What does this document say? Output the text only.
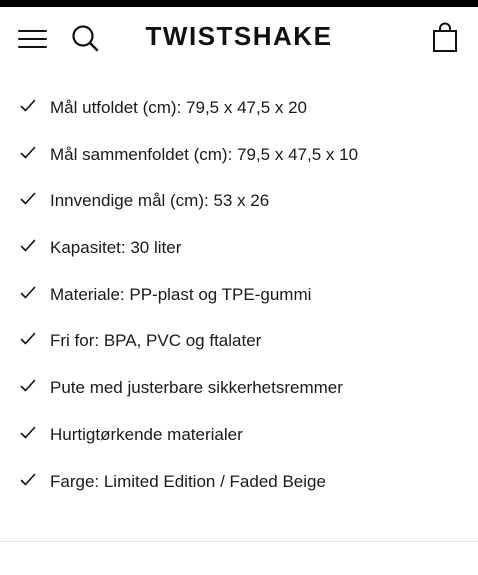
TWISTSHAKE
Mål utfoldet (cm): 79,5 x 47,5 x 20
Mål sammenfoldet (cm): 79,5 x 47,5 x 10
Innvendige mål (cm): 53 x 26
Kapasitet: 30 liter
Materiale: PP-plast og TPE-gummi
Fri for: BPA, PVC og ftalater
Pute med justerbare sikkerhetsremmer
Hurtigtørkende materialer
Farge: Limited Edition / Faded Beige
